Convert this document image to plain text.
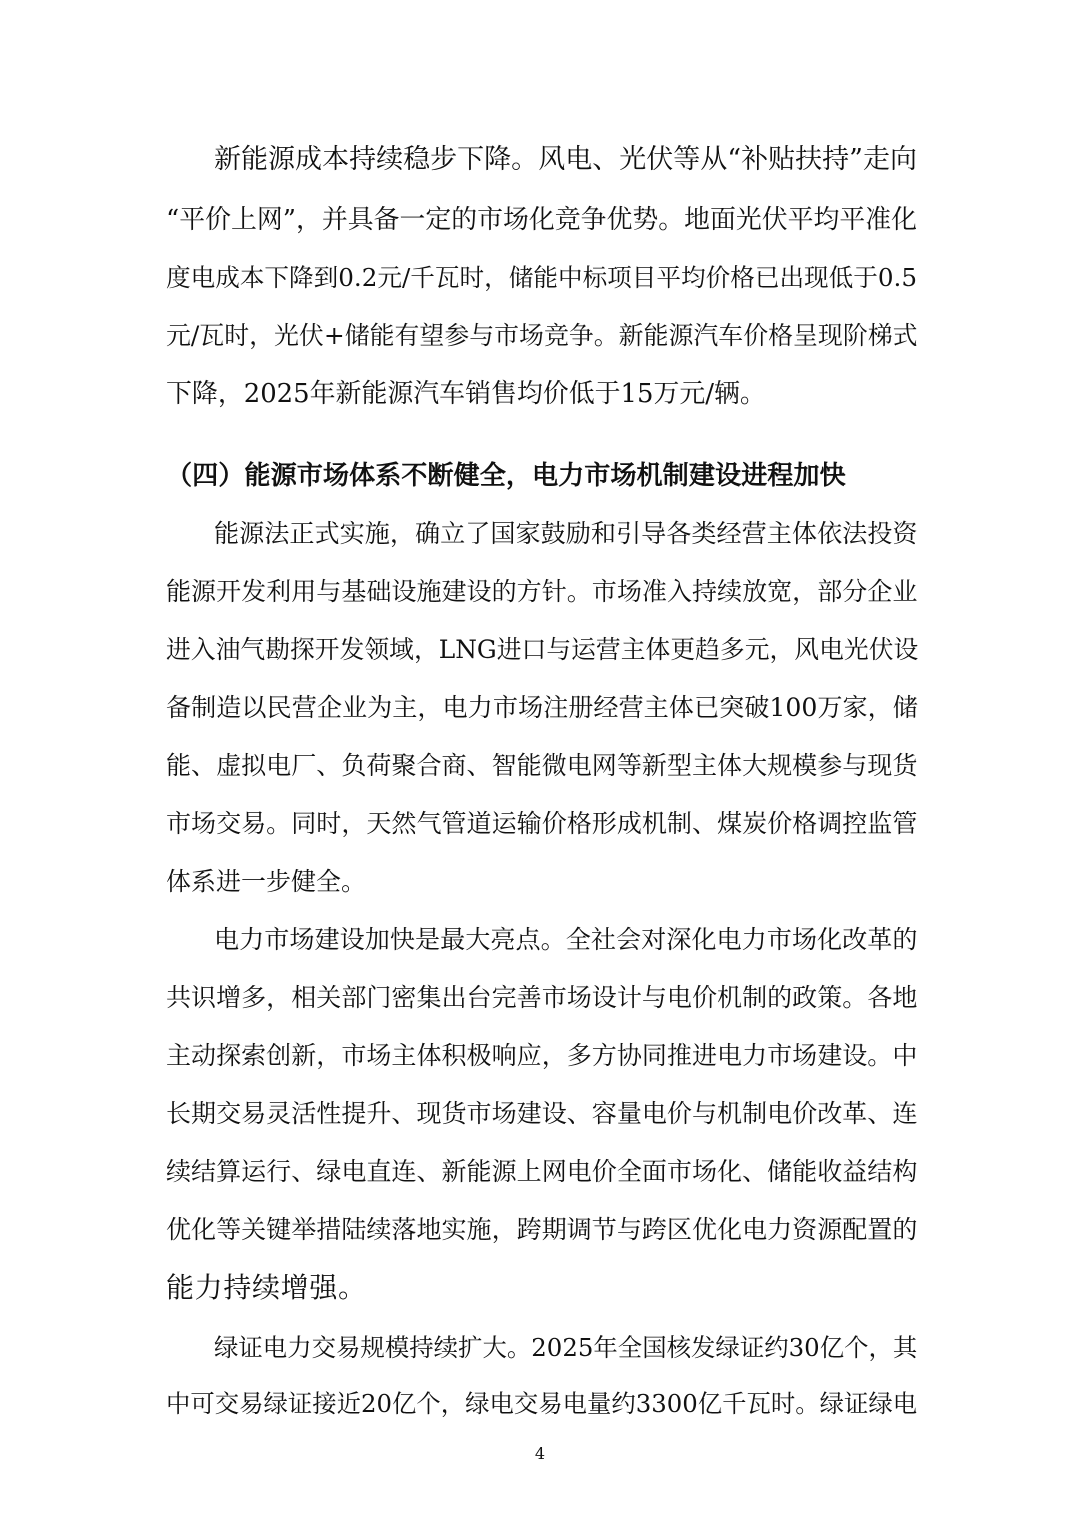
新能源成本持续稳步下降。风电、光伏等从“补贴扶持”走向
“平价上网”，并具备一定的市场化竞争优势。地面光伏平均平准化
度电成本下降到0.2元/千瓦时，储能中标项目平均价格已出现低于0.5
元/瓦时，光伏+储能有望参与市场竞争。新能源汽车价格呈现阶梯式
下降，2025年新能源汽车销售均价低于15万元/辆。
（四）能源市场体系不断健全，电力市场机制建设进程加快
能源法正式实施，确立了国家鼓励和引导各类经营主体依法投资
能源开发利用与基础设施建设的方针。市场准入持续放宽，部分企业
进入油气勘探开发领域，LNG进口与运营主体更趋多元，风电光伏设
备制造以民营企业为主，电力市场注册经营主体已突破100万家，储
能、虚拟电厂、负荷聚合商、智能微电网等新型主体大规模参与现货
市场交易。同时，天然气管道运输价格形成机制、煤炭价格调控监管
体系进一步健全。
电力市场建设加快是最大亮点。全社会对深化电力市场化改革的
共识增多，相关部门密集出台完善市场设计与电价机制的政策。各地
主动探索创新，市场主体积极响应，多方协同推进电力市场建设。中
长期交易灵活性提升、现货市场建设、容量电价与机制电价改革、连
续结算运行、绿电直连、新能源上网电价全面市场化、储能收益结构
优化等关键举措陆续落地实施，跨期调节与跨区优化电力资源配置的
能力持续增强。
绿证电力交易规模持续扩大。2025年全国核发绿证约30亿个，其
中可交易绿证接近20亿个，绿电交易电量约3300亿千瓦时。绿证绿电
4
